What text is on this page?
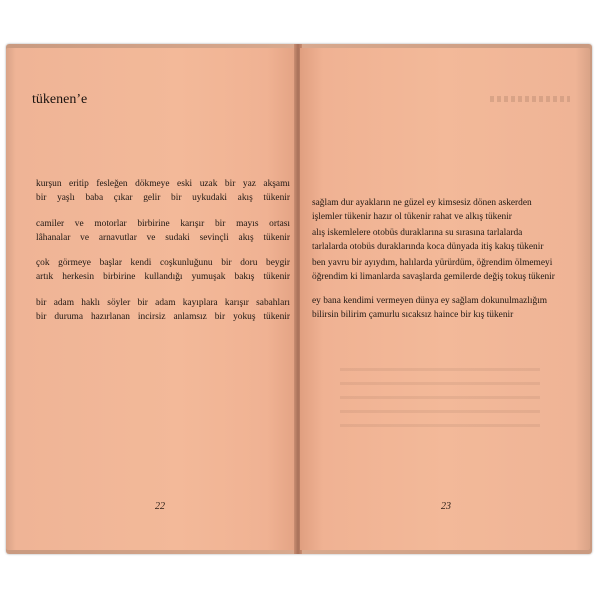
tükenen’e
kurşun eritip fesleğen dökmeye eski uzak bir yaz akşamı
bir yaşlı baba çıkar gelir bir uykudaki akış tükenir
camiler ve motorlar birbirine karışır bir mayıs ortası
lâhanalar ve arnavutlar ve sudaki sevinçli akış tükenir
çok görmeye başlar kendi coşkunluğunu bir doru beygir
artık herkesin birbirine kullandığı yumuşak bakış tükenir
bir adam haklı söyler bir adam kayıplara karışır sabahları
bir duruma hazırlanan incirsiz anlamsız bir yokuş tükenir
22
sağlam dur ayakların ne güzel ey kimsesiz dönen askerden
işlemler tükenir hazır ol tükenir rahat ve alkış tükenir
alış iskemlelere otobüs duraklarına su sırasına tarlalarda
tarlalarda otobüs duraklarında koca dünyada itiş kakış tükenir
ben yavru bir ayıydım, halılarda yürürdüm, öğrendim ölmemeyi
öğrendim ki limanlarda savaşlarda gemilerde değiş tokuş tükenir
ey bana kendimi vermeyen dünya ey sağlam dokunulmazlığım
bilirsin bilirim çamurlu sıcaksız haince bir kış tükenir
23
